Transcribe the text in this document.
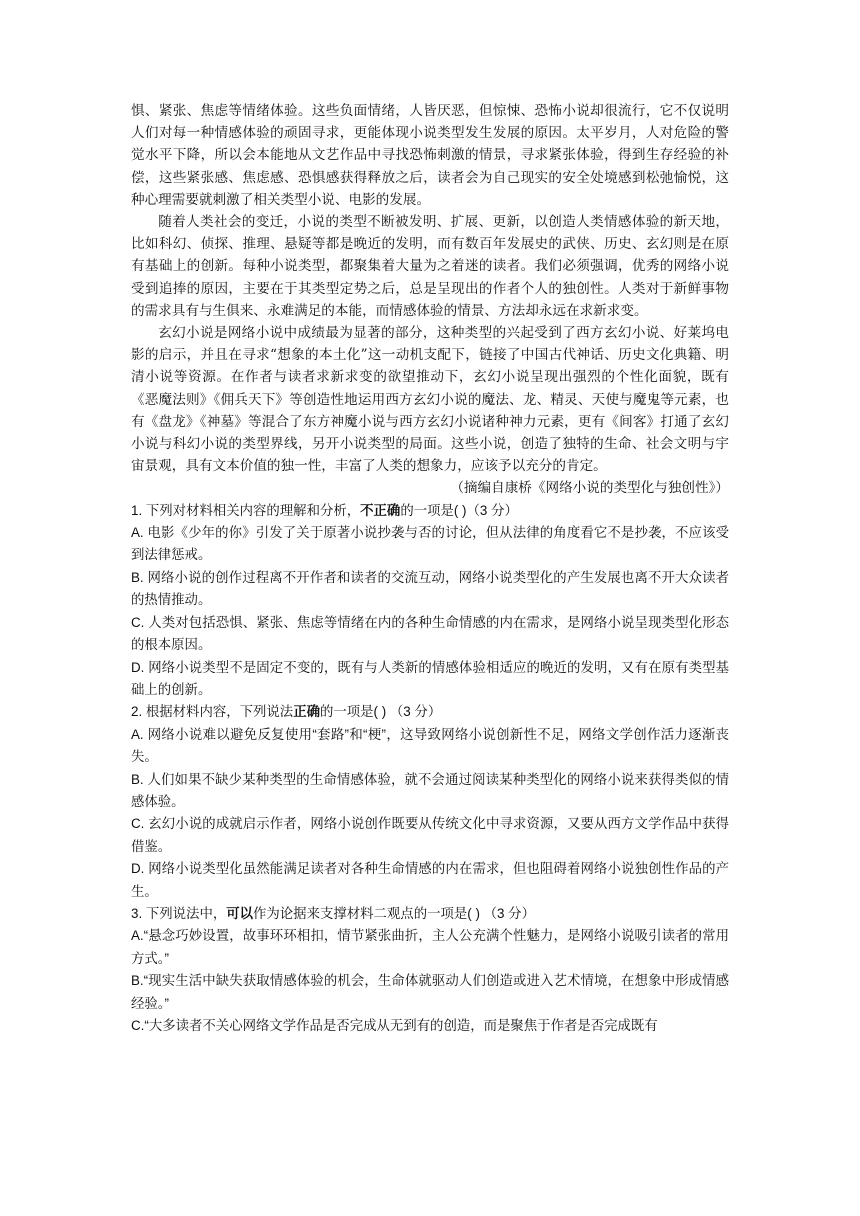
惧、紧张、焦虑等情绪体验。这些负面情绪，人皆厌恶，但惊悚、恐怖小说却很流行，它不仅说明人们对每一种情感体验的顽固寻求，更能体现小说类型发生发展的原因。太平岁月，人对危险的警觉水平下降，所以会本能地从文艺作品中寻找恐怖刺激的情景，寻求紧张体验，得到生存经验的补偿，这些紧张感、焦虑感、恐惧感获得释放之后，读者会为自己现实的安全处境感到松弛愉悦，这种心理需要就刺激了相关类型小说、电影的发展。

随着人类社会的变迁，小说的类型不断被发明、扩展、更新，以创造人类情感体验的新天地，比如科幻、侦探、推理、悬疑等都是晚近的发明，而有数百年发展史的武侠、历史、玄幻则是在原有基础上的创新。每种小说类型，都聚集着大量为之着迷的读者。我们必须强调，优秀的网络小说受到追捧的原因，主要在于其类型定势之后，总是呈现出的作者个人的独创性。人类对于新鲜事物的需求具有与生俱来、永难满足的本能，而情感体验的情景、方法却永远在求新求变。

玄幻小说是网络小说中成绩最为显著的部分，这种类型的兴起受到了西方玄幻小说、好莱坞电影的启示，并且在寻求“想象的本土化”这一动机支配下，链接了中国古代神话、历史文化典籍、明清小说等资源。在作者与读者求新求变的欲望推动下，玄幻小说呈现出强烈的个性化面貌，既有《恶魔法则》《佣兵天下》等创造性地运用西方玄幻小说的魔法、龙、精灵、天使与魔鬼等元素，也有《盘龙》《神墓》等混合了东方神魔小说与西方玄幻小说诸种神力元素，更有《间客》打通了玄幻小说与科幻小说的类型界线，另开小说类型的局面。这些小说，创造了独特的生命、社会文明与宇宙景观，具有文本价值的独一性，丰富了人类的想象力，应该予以充分的肯定。

（摘编自康桥《网络小说的类型化与独创性》）

1. 下列对材料相关内容的理解和分析，不正确的一项是( )（3 分）

A. 电影《少年的你》引发了关于原著小说抄袭与否的讨论，但从法律的角度看它不是抄袭，不应该受到法律惩戒。

B. 网络小说的创作过程离不开作者和读者的交流互动，网络小说类型化的产生发展也离不开大众读者的热情推动。

C. 人类对包括恐惧、紧张、焦虑等情绪在内的各种生命情感的内在需求，是网络小说呈现类型化形态的根本原因。

D. 网络小说类型不是固定不变的，既有与人类新的情感体验相适应的晚近的发明，又有在原有类型基础上的创新。

2. 根据材料内容，下列说法正确的一项是( ) （3 分）

A. 网络小说难以避免反复使用“套路”和“梗”，这导致网络小说创新性不足，网络文学创作活力逐渐丧失。

B. 人们如果不缺少某种类型的生命情感体验，就不会通过阅读某种类型化的网络小说来获得类似的情感体验。

C. 玄幻小说的成就启示作者，网络小说创作既要从传统文化中寻求资源，又要从西方文学作品中获得借鉴。

D. 网络小说类型化虽然能满足读者对各种生命情感的内在需求，但也阻碍着网络小说独创性作品的产生。

3. 下列说法中，可以作为论据来支撑材料二观点的一项是( ) （3 分）

A.“悬念巧妙设置，故事环环相扣，情节紧张曲折，主人公充满个性魅力，是网络小说吸引读者的常用方式。”

B.“现实生活中缺失获取情感体验的机会，生命体就驱动人们创造或进入艺术情境，在想象中形成情感经验。”

C.“大多读者不关心网络文学作品是否完成从无到有的创造，而是聚焦于作者是否完成既有
